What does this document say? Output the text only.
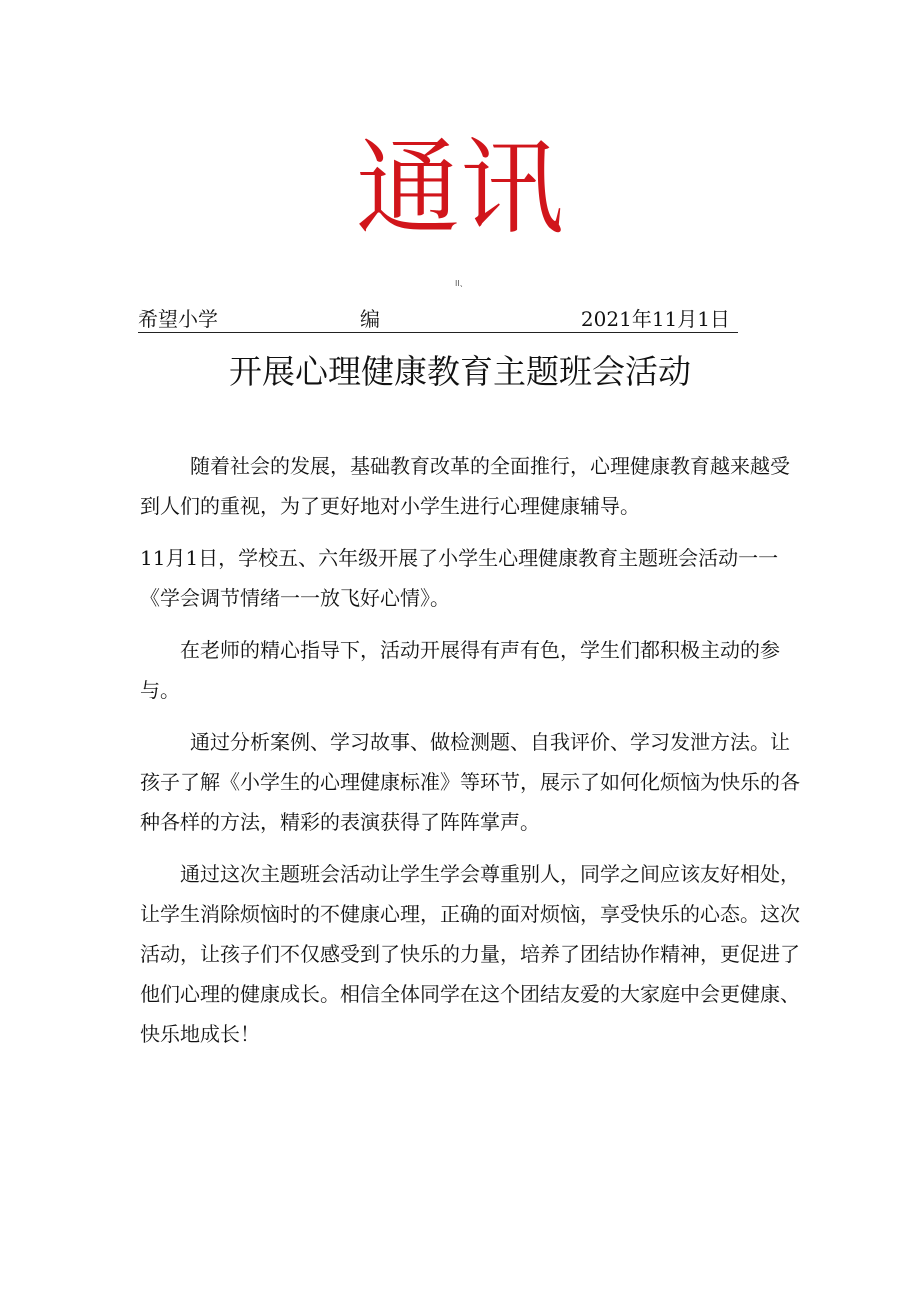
通讯
II、
希望小学	编	2021年11月1日
开展心理健康教育主题班会活动

随着社会的发展，基础教育改革的全面推行，心理健康教育越来越受到人们的重视，为了更好地对小学生进行心理健康辅导。

11月1日，学校五、六年级开展了小学生心理健康教育主题班会活动一一《学会调节情绪一一放飞好心情》。

在老师的精心指导下，活动开展得有声有色，学生们都积极主动的参与。

通过分析案例、学习故事、做检测题、自我评价、学习发泄方法。让孩子了解《小学生的心理健康标准》等环节，展示了如何化烦恼为快乐的各种各样的方法，精彩的表演获得了阵阵掌声。

通过这次主题班会活动让学生学会尊重别人，同学之间应该友好相处，让学生消除烦恼时的不健康心理，正确的面对烦恼，享受快乐的心态。这次活动，让孩子们不仅感受到了快乐的力量，培养了团结协作精神，更促进了他们心理的健康成长。相信全体同学在这个团结友爱的大家庭中会更健康、快乐地成长！
